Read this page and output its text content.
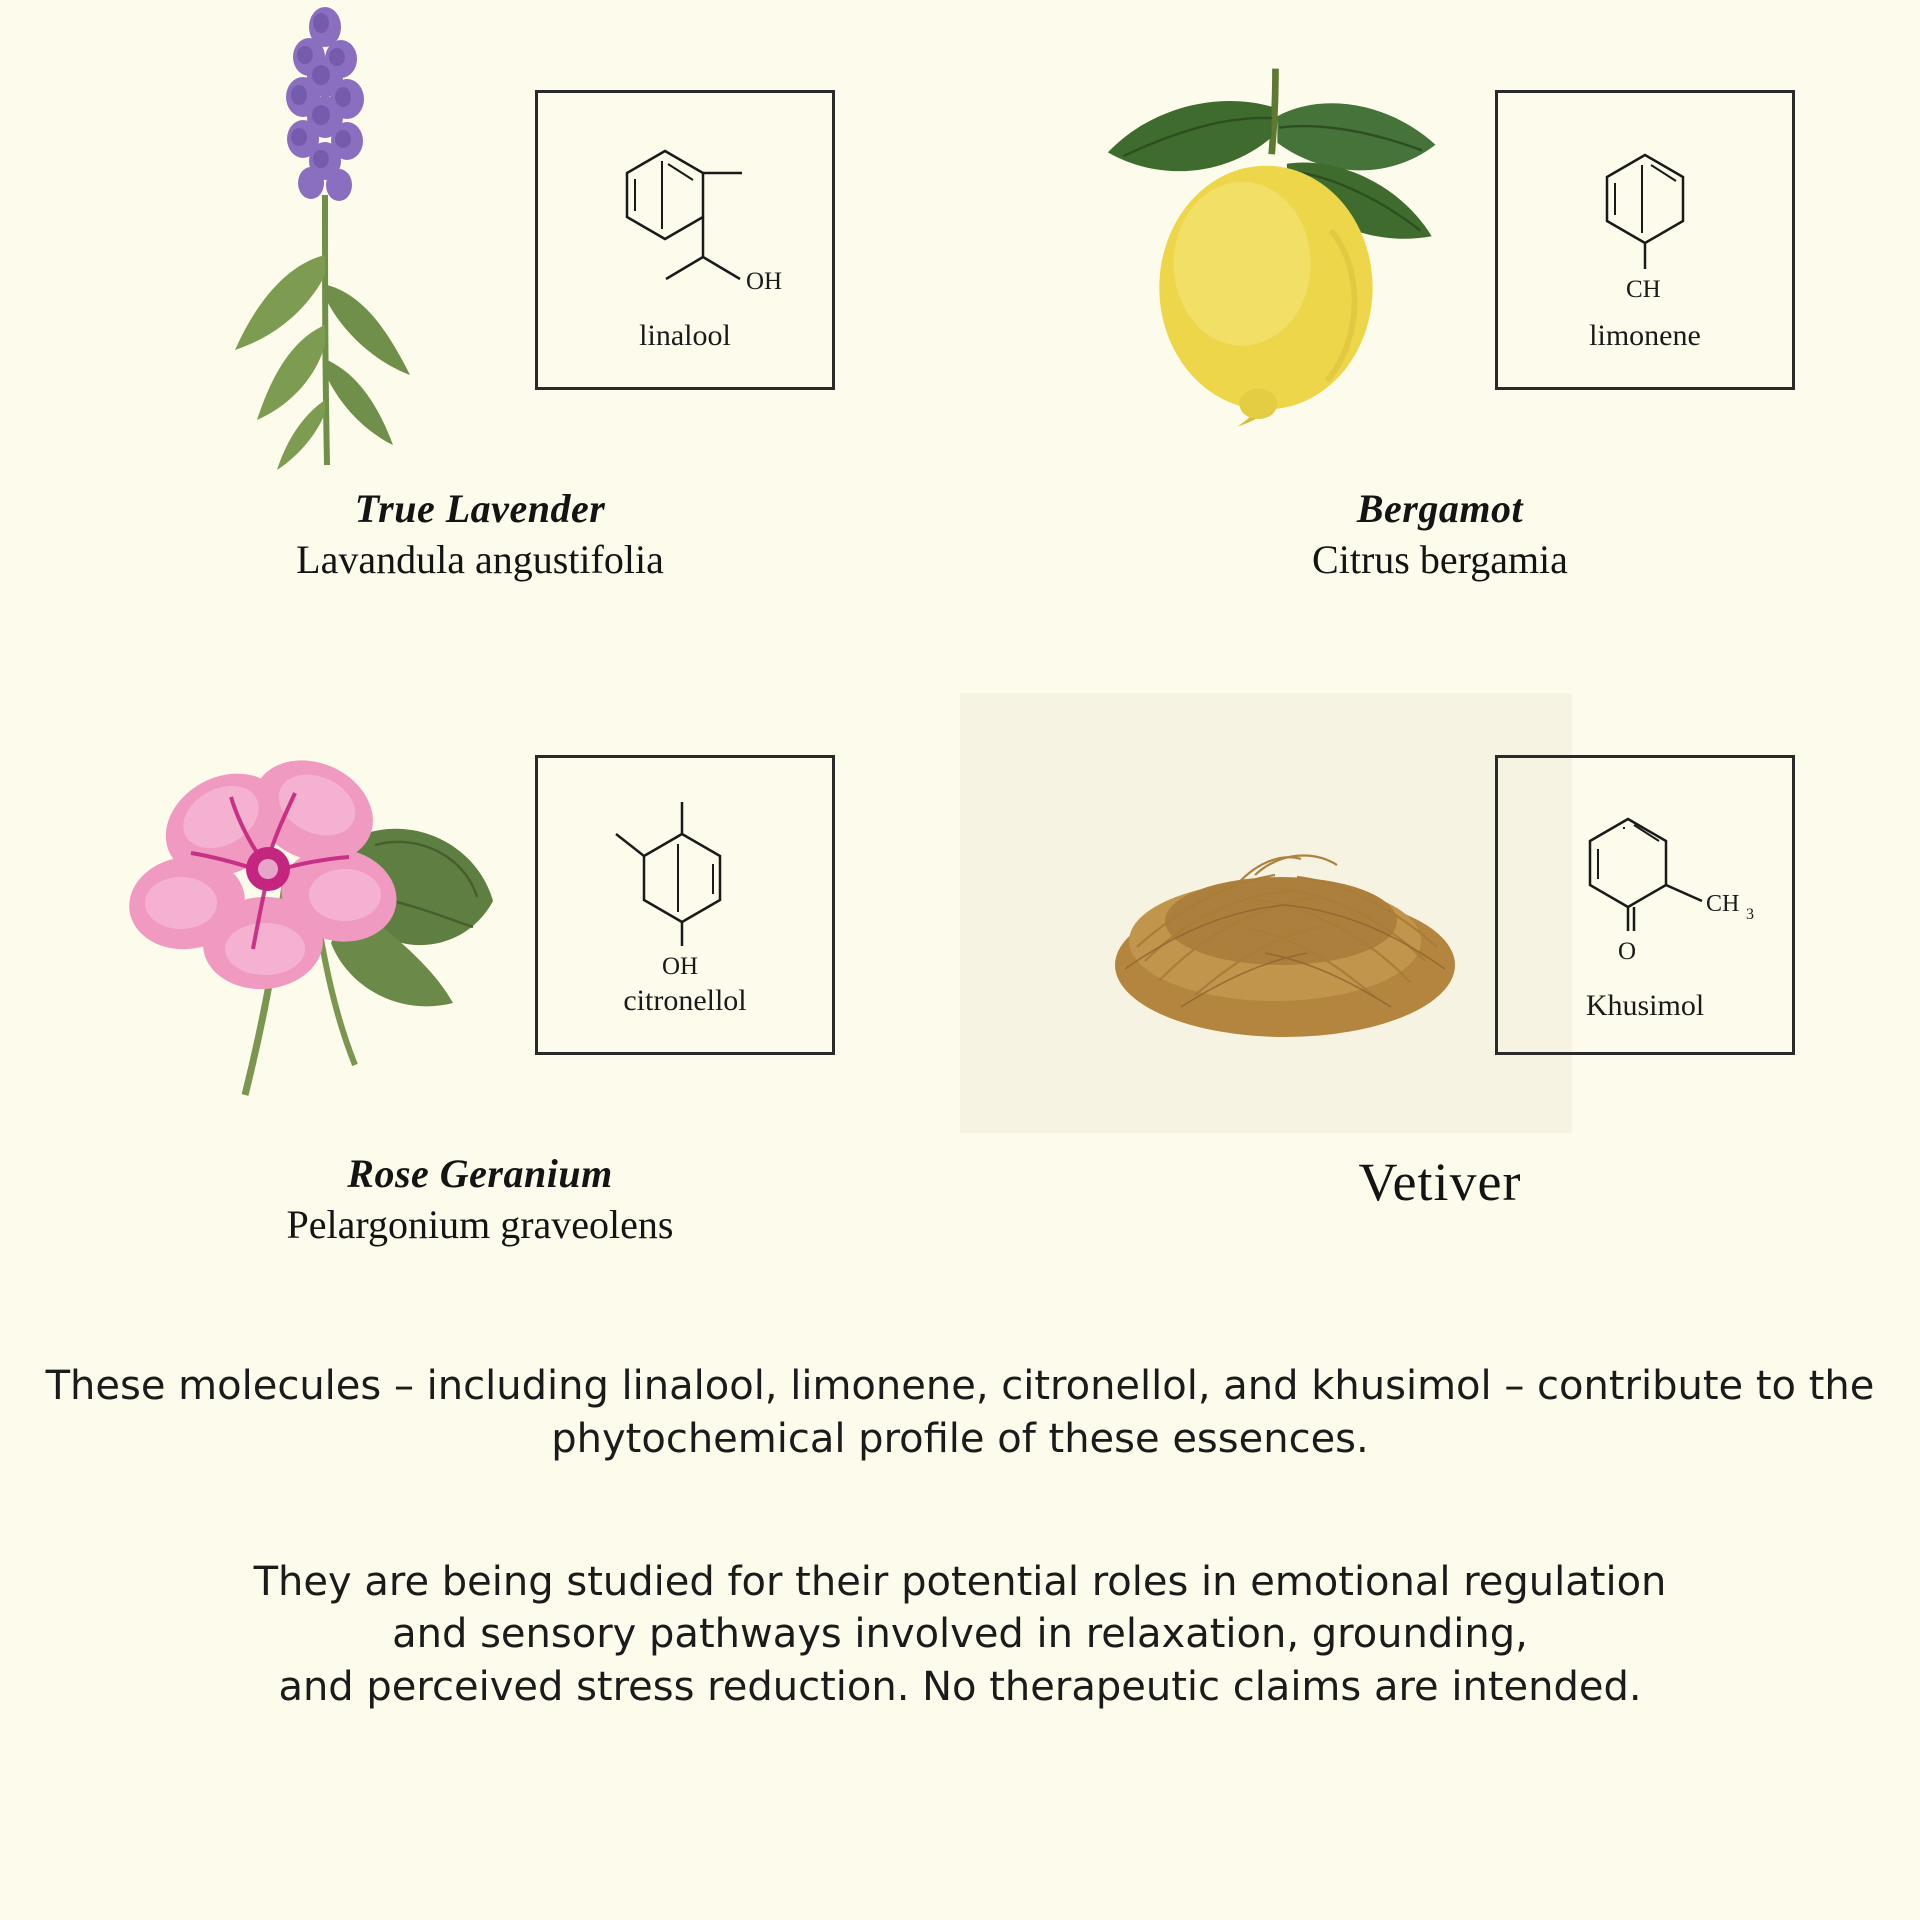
OH
linalool
True Lavender
Lavandula angustifolia
CH
limonene
Bergamot
Citrus bergamia
OH
citronellol
Rose Geranium
Pelargonium graveolens
CH 3
O
Khusimol
Vetiver

These molecules – including linalool, limonene, citronellol, and khusimol – contribute to the phytochemical profile of these essences.

They are being studied for their potential roles in emotional regulation

and sensory pathways involved in relaxation, grounding,

and perceived stress reduction. No therapeutic claims are intended.
